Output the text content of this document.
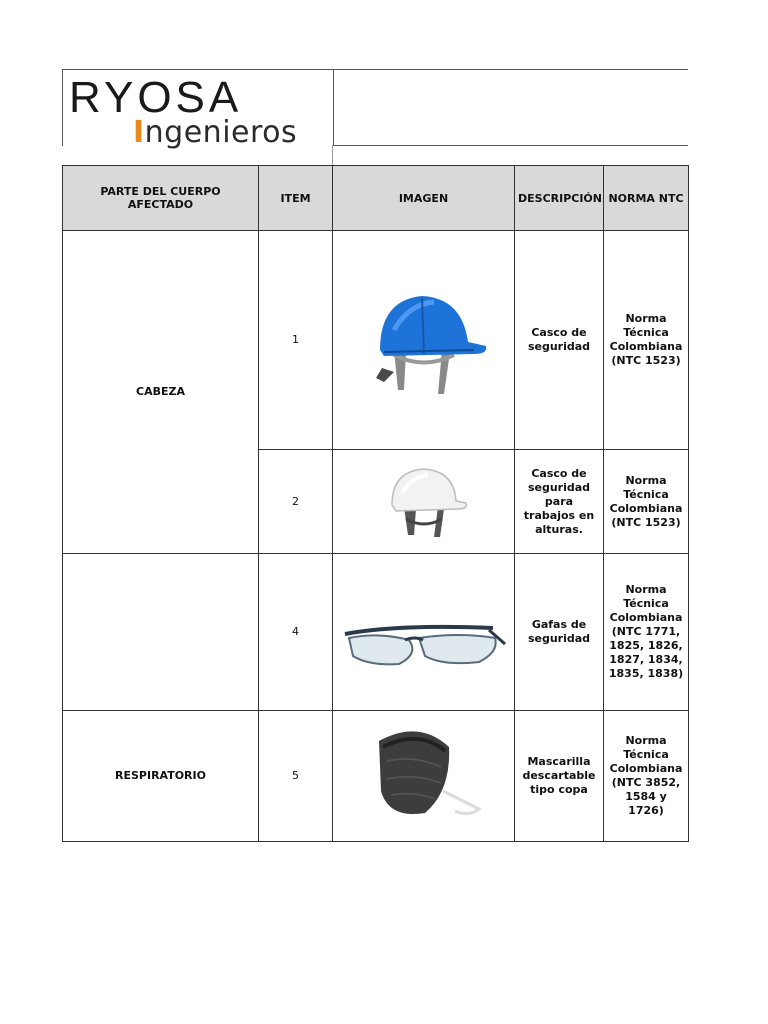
RYOSA
Ingenieros
PARTE DEL CUERPO AFECTADO	ITEM	IMAGEN	DESCRIPCIÓN	NORMA NTC
CABEZA	1		Casco de seguridad	Norma Técnica Colombiana (NTC 1523)
	2		Casco de seguridad para trabajos en alturas.	Norma Técnica Colombiana (NTC 1523)
	4		Gafas de seguridad	Norma Técnica Colombiana (NTC 1771, 1825, 1826, 1827, 1834, 1835, 1838)
RESPIRATORIO	5		Mascarilla descartable tipo copa	Norma Técnica Colombiana (NTC 3852, 1584 y 1726)
